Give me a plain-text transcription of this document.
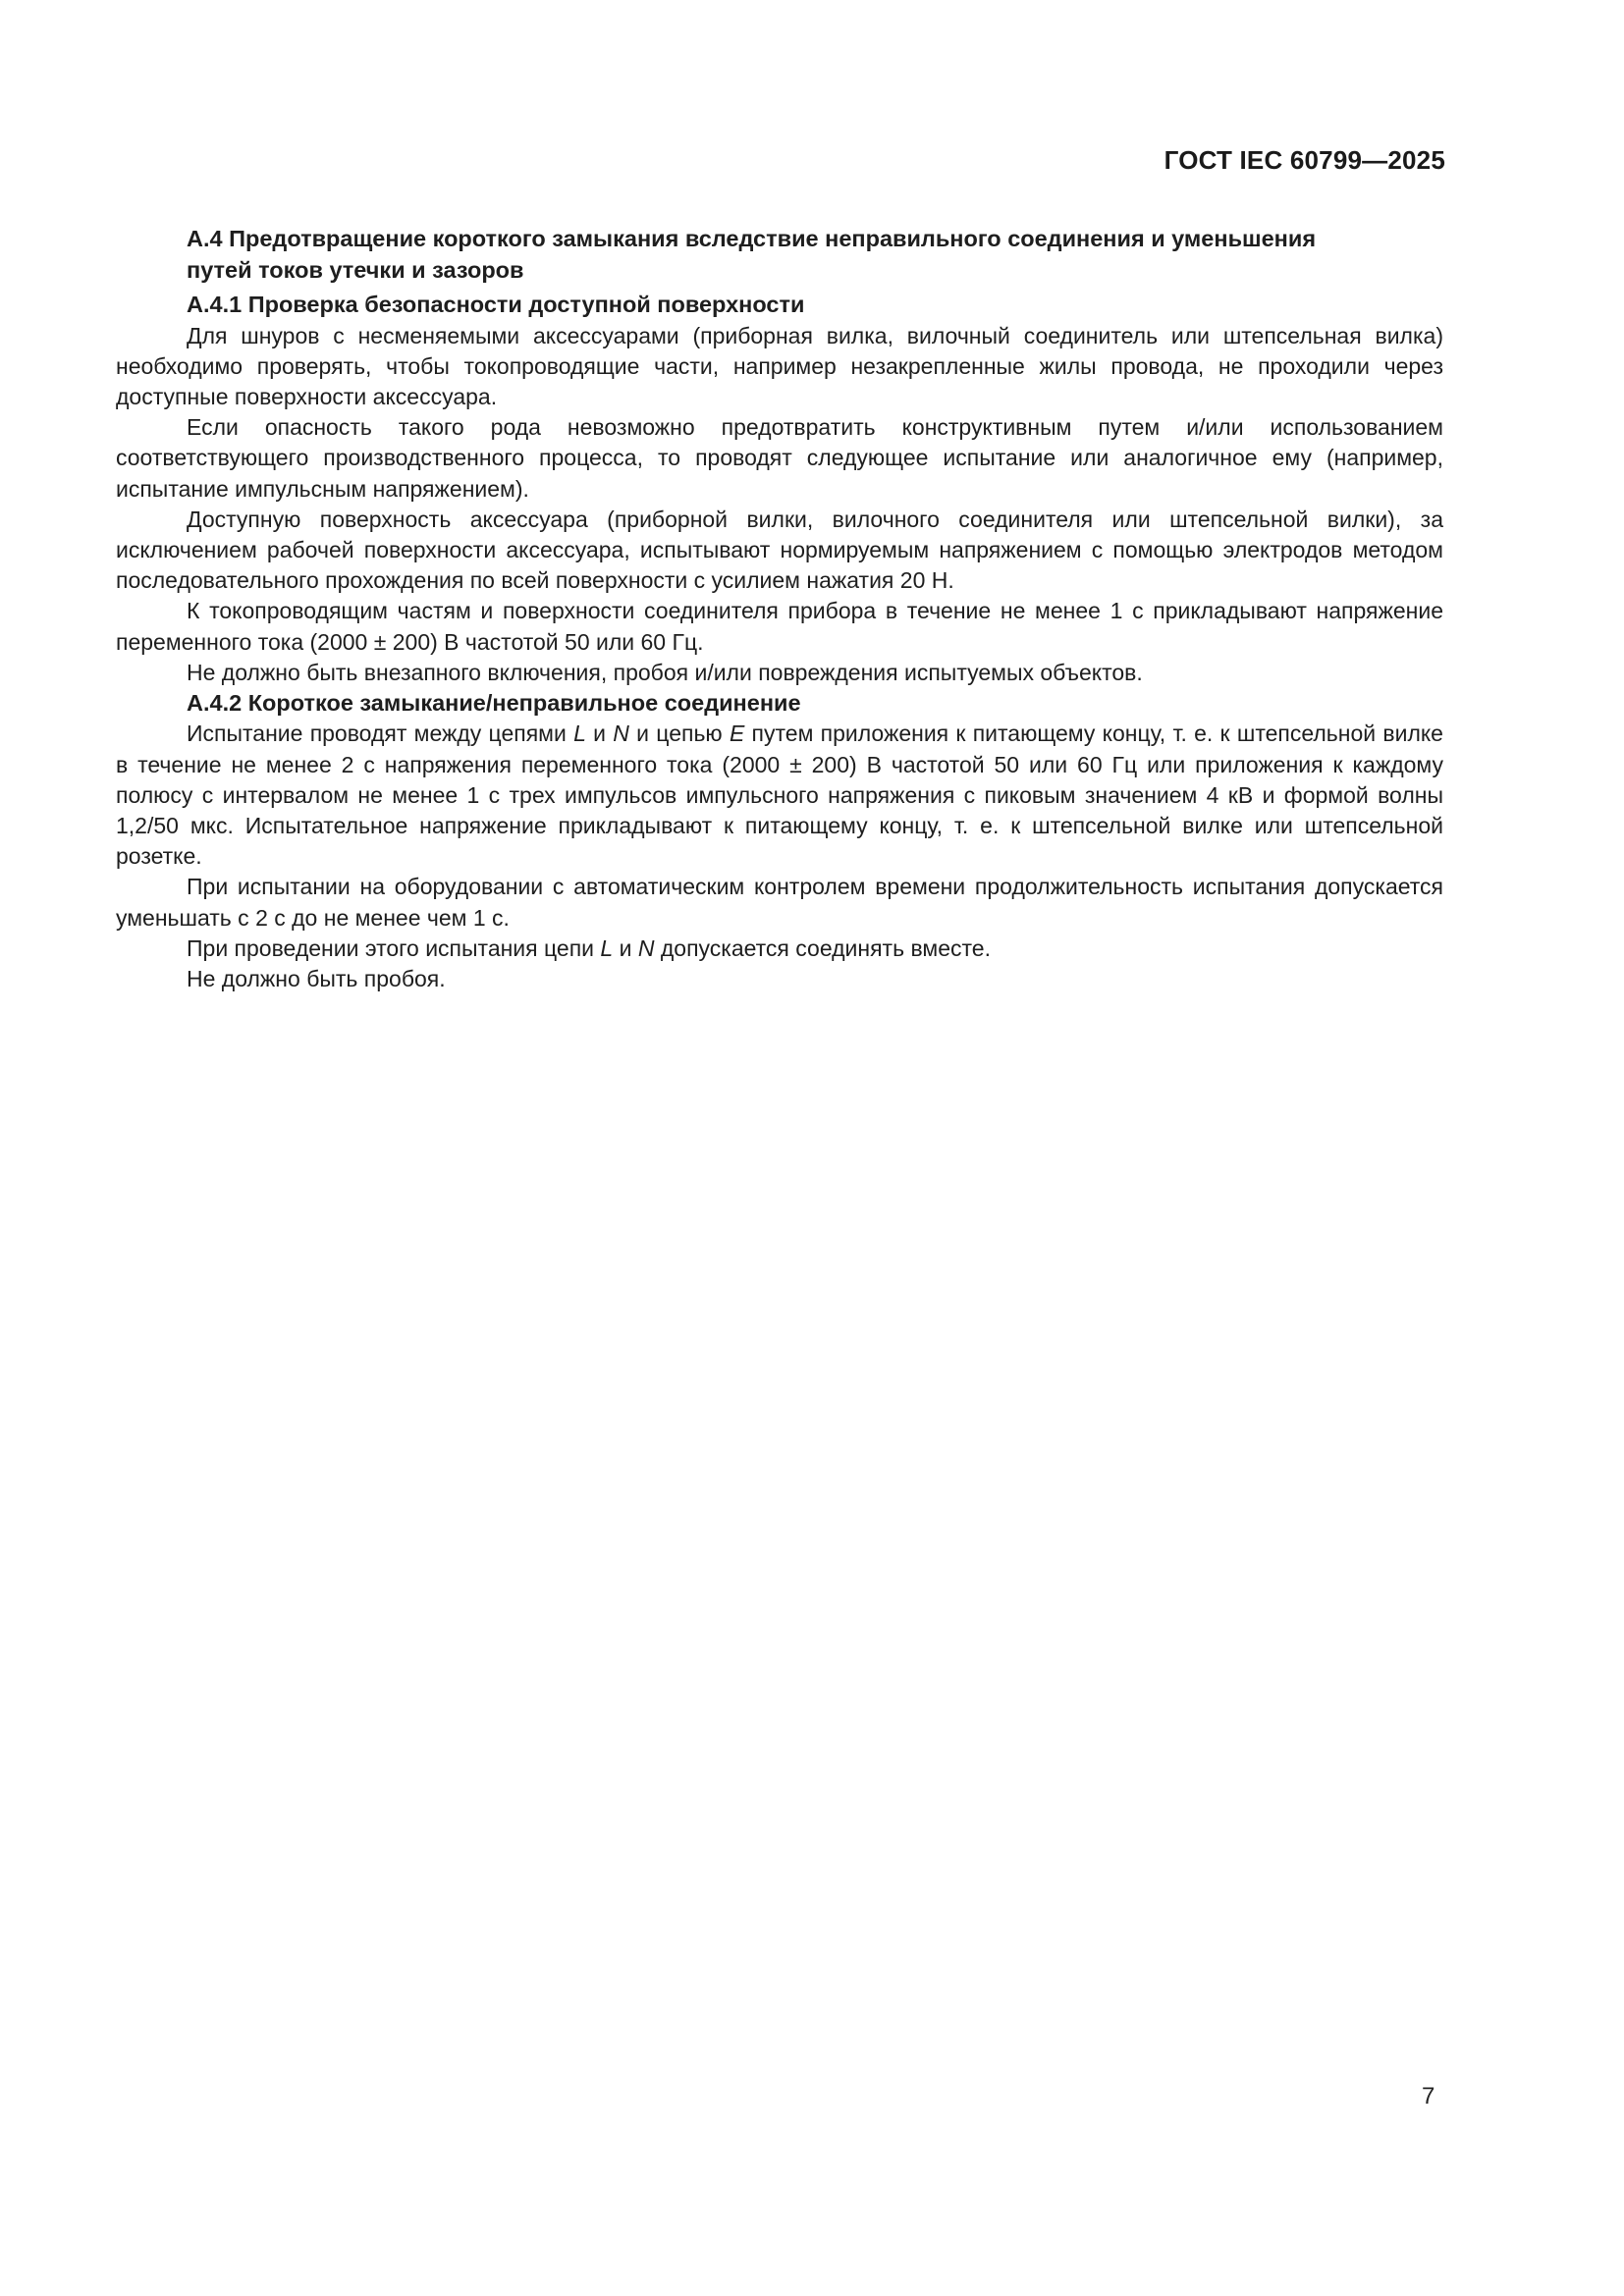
ГОСТ IEC 60799—2025
А.4 Предотвращение короткого замыкания вследствие неправильного соединения и уменьшения
путей токов утечки и зазоров
А.4.1 Проверка безопасности доступной поверхности

Для шнуров с несменяемыми аксессуарами (приборная вилка, вилочный соединитель или штепсельная вилка) необходимо проверять, чтобы токопроводящие части, например незакрепленные жилы провода, не проходили через доступные поверхности аксессуара.

Если опасность такого рода невозможно предотвратить конструктивным путем и/или использованием соответствующего производственного процесса, то проводят следующее испытание или аналогичное ему (например, испытание импульсным напряжением).

Доступную поверхность аксессуара (приборной вилки, вилочного соединителя или штепсельной вилки), за исключением рабочей поверхности аксессуара, испытывают нормируемым напряжением с помощью электродов методом последовательного прохождения по всей поверхности с усилием нажатия 20 Н.

К токопроводящим частям и поверхности соединителя прибора в течение не менее 1 с прикладывают напряжение переменного тока (2000 ± 200) В частотой 50 или 60 Гц.

Не должно быть внезапного включения, пробоя и/или повреждения испытуемых объектов.

А.4.2 Короткое замыкание/неправильное соединение

Испытание проводят между цепями L и N и цепью E путем приложения к питающему концу, т. е. к штепсельной вилке в течение не менее 2 с напряжения переменного тока (2000 ± 200) В частотой 50 или 60 Гц или приложения к каждому полюсу с интервалом не менее 1 с трех импульсов импульсного напряжения с пиковым значением 4 кВ и формой волны 1,2/50 мкс. Испытательное напряжение прикладывают к питающему концу, т. е. к штепсельной вилке или штепсельной розетке.

При испытании на оборудовании с автоматическим контролем времени продолжительность испытания допускается уменьшать с 2 с до не менее чем 1 с.

При проведении этого испытания цепи L и N допускается соединять вместе.

Не должно быть пробоя.

7
